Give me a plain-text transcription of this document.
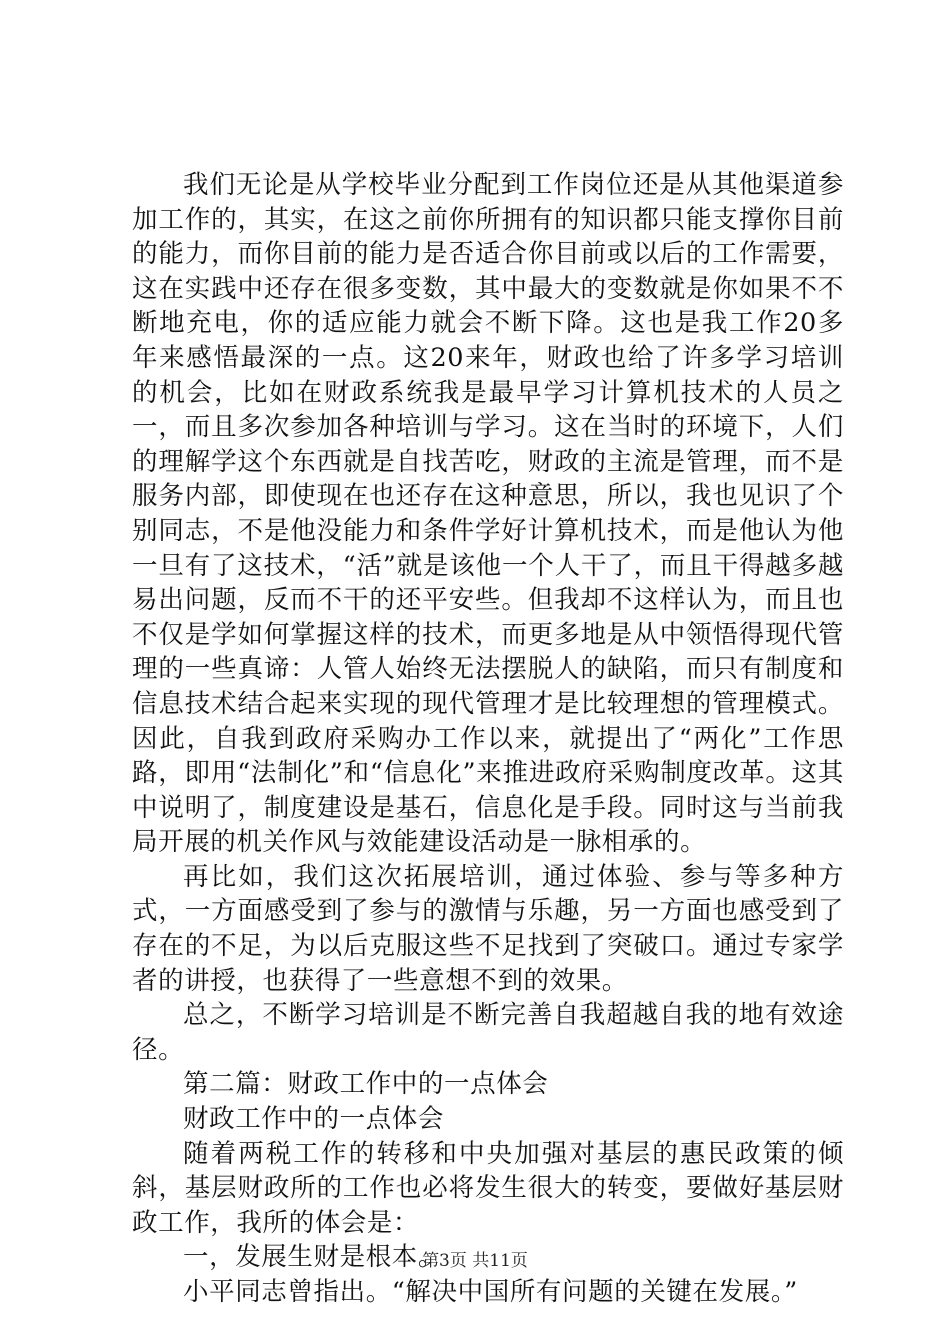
我们无论是从学校毕业分配到工作岗位还是从其他渠道参加工作的，其实，在这之前你所拥有的知识都只能支撑你目前的能力，而你目前的能力是否适合你目前或以后的工作需要，这在实践中还存在很多变数，其中最大的变数就是你如果不不断地充电，你的适应能力就会不断下降。这也是我工作20多年来感悟最深的一点。这20来年，财政也给了许多学习培训的机会，比如在财政系统我是最早学习计算机技术的人员之一，而且多次参加各种培训与学习。这在当时的环境下，人们的理解学这个东西就是自找苦吃，财政的主流是管理，而不是服务内部，即使现在也还存在这种意思，所以，我也见识了个别同志，不是他没能力和条件学好计算机技术，而是他认为他一旦有了这技术，“活”就是该他一个人干了，而且干得越多越易出问题，反而不干的还平安些。但我却不这样认为，而且也不仅是学如何掌握这样的技术，而更多地是从中领悟得现代管理的一些真谛：人管人始终无法摆脱人的缺陷，而只有制度和信息技术结合起来实现的现代管理才是比较理想的管理模式。因此，自我到政府采购办工作以来，就提出了“两化”工作思路，即用“法制化”和“信息化”来推进政府采购制度改革。这其中说明了，制度建设是基石，信息化是手段。同时这与当前我局开展的机关作风与效能建设活动是一脉相承的。

再比如，我们这次拓展培训，通过体验、参与等多种方式，一方面感受到了参与的激情与乐趣，另一方面也感受到了存在的不足，为以后克服这些不足找到了突破口。通过专家学者的讲授，也获得了一些意想不到的效果。

总之，不断学习培训是不断完善自我超越自我的地有效途径。

第二篇：财政工作中的一点体会

财政工作中的一点体会

随着两税工作的转移和中央加强对基层的惠民政策的倾斜，基层财政所的工作也必将发生很大的转变，要做好基层财政工作，我所的体会是：

一，发展生财是根本。

小平同志曾指出。“解决中国所有问题的关键在发展。”

第3页 共11页
